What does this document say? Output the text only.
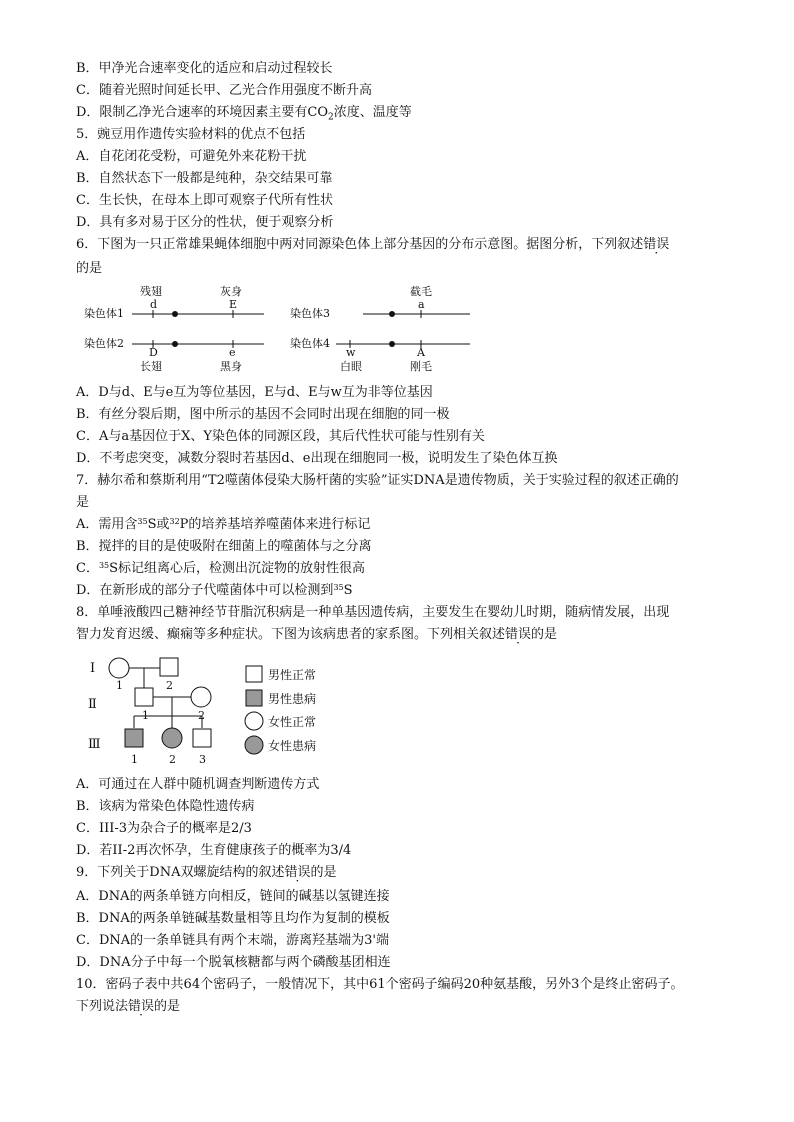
B．甲净光合速率变化的适应和启动过程较长
C．随着光照时间延长甲、乙光合作用强度不断升高
D．限制乙净光合速率的环境因素主要有$CO_2$浓度、温度等
5．豌豆用作遗传实验材料的优点不包括
A．自花闭花受粉，可避免外来花粉干扰
B．自然状态下一般都是纯种，杂交结果可靠
C．生长快，在母本上即可观察子代所有性状
D．具有多对易于区分的性状，便于观察分析
6．下图为一只正常雄果蝇体细胞中两对同源染色体上部分基因的分布示意图。据图分析，下列叙述错误
的是
染色体1
染色体2
染色体3
染色体4
残翅	灰身	截毛
d	E	a
D	e	w	A
长翅	黑身	白眼	刚毛
A．D与d、E与e互为等位基因，E与d、E与w互为非等位基因
B．有丝分裂后期，图中所示的基因不会同时出现在细胞的同一极
C．A与a基因位于X、Y染色体的同源区段，其后代性状可能与性别有关
D．不考虑突变，减数分裂时若基因d、e出现在细胞同一极，说明发生了染色体互换
7．赫尔希和蔡斯利用“T2噬菌体侵染大肠杆菌的实验”证实DNA是遗传物质，关于实验过程的叙述正确的
是
A．需用含$^{35}$S或$^{32}$P的培养基培养噬菌体来进行标记
B．搅拌的目的是使吸附在细菌上的噬菌体与之分离
C．$^{35}$S标记组离心后，检测出沉淀物的放射性很高
D．在新形成的部分子代噬菌体中可以检测到$^{35}$S
8．单唾液酸四己糖神经节苷脂沉积病是一种单基因遗传病，主要发生在婴幼儿时期，随病情发展，出现
智力发育迟缓、癫痫等多种症状。下图为该病患者的家系图。下列相关叙述错误的是
Ⅰ
Ⅱ
Ⅲ
1	2
1	2
1	2 3
男性正常
男性患病
女性正常
女性患病
A．可通过在人群中随机调查判断遗传方式
B．该病为常染色体隐性遗传病
C．III-3为杂合子的概率是2/3
D．若II-2再次怀孕，生育健康孩子的概率为3/4
9．下列关于DNA双螺旋结构的叙述错误的是
A．DNA的两条单链方向相反，链间的碱基以氢键连接
B．DNA的两条单链碱基数量相等且均作为复制的模板
C．DNA的一条单链具有两个末端，游离羟基端为3'端
D．DNA分子中每一个脱氧核糖都与两个磷酸基团相连
10．密码子表中共64个密码子，一般情况下，其中61个密码子编码20种氨基酸，另外3个是终止密码子。
下列说法错误的是
